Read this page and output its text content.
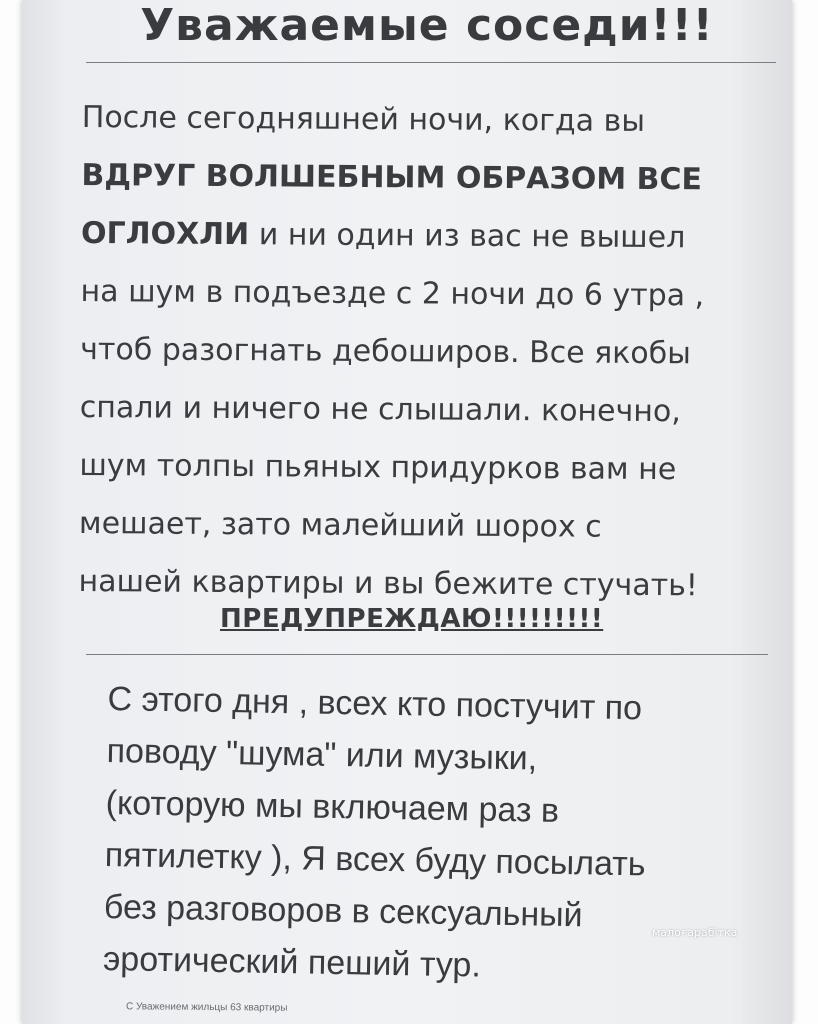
Уважаемые соседи!!!
После сегодняшней ночи, когда вы
ВДРУГ ВОЛШЕБНЫМ ОБРАЗОМ ВСЕ
ОГЛОХЛИ и ни один из вас не вышел
на шум в подъезде с 2 ночи до 6 утра ,
чтоб разогнать дебоширов. Все якобы
спали и ничего не слышали. конечно,
шум толпы пьяных придурков вам не
мешает, зато малейший шорох с
нашей квартиры и вы бежите стучать!
ПРЕДУПРЕЖДАЮ!!!!!!!!!
С этого дня , всех кто постучит по
поводу "шума" или музыки,
(которую мы включаем раз в
пятилетку ), Я всех буду посылать
без разговоров в сексуальный
эротический пеший тур.
С Уважением жильцы 63 квартиры
малоғарабітка
